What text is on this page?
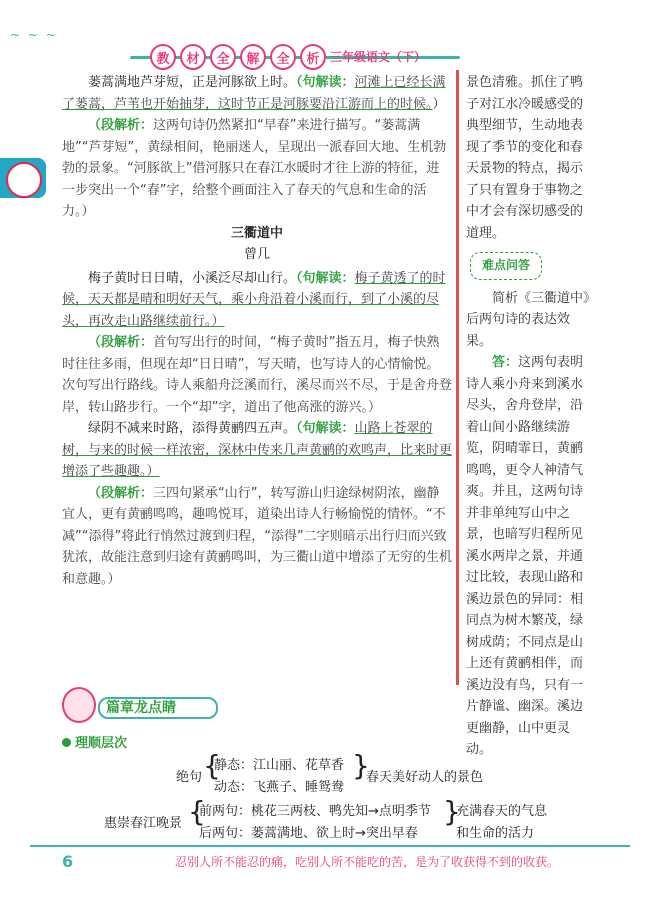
~ ~ ~
教	材	全	解	全	析 三年级语文（下）

蒌蒿满地芦芽短，正是河豚欲上时。（句解读：河滩上已经长满了蒌蒿，芦苇也开始抽芽，这时节正是河豚要沿江游而上的时候。）

（段解析：这两句诗仍然紧扣“早春”来进行描写。“蒌蒿满地”“芦芽短”，黄绿相间，艳丽迷人，呈现出一派春回大地、生机勃勃的景象。“河豚欲上”借河豚只在春江水暖时才往上游的特征，进一步突出一个“春”字，给整个画面注入了春天的气息和生命的活力。）

三衢道中

曾几

梅子黄时日日晴，小溪泛尽却山行。（句解读：梅子黄透了的时候，天天都是晴和明好天气，乘小舟沿着小溪而行，到了小溪的尽头，再改走山路继续前行。）

（段解析：首句写出行的时间，“梅子黄时”指五月，梅子快熟时往往多雨，但现在却“日日晴”，写天晴，也写诗人的心情愉悦。次句写出行路线。诗人乘船舟泛溪而行，溪尽而兴不尽，于是舍舟登岸，转山路步行。一个“却”字，道出了他高涨的游兴。）

绿阴不减来时路，添得黄鹂四五声。（句解读：山路上苍翠的树，与来的时候一样浓密，深林中传来几声黄鹂的欢鸣声，比来时更增添了些趣趣。）

（段解析：三四句紧承“山行”，转写游山归途绿树阴浓，幽静宜人，更有黄鹂鸣鸣，趣鸣悦耳，道染出诗人行畅愉悦的情怀。“不减”“添得”将此行悄然过渡到归程，“添得”二字则暗示出行归而兴致犹浓，故能注意到归途有黄鹂鸣叫，为三衢山道中增添了无穷的生机和意趣。）

景色清雅。抓住了鸭子对江水冷暖感受的典型细节，生动地表现了季节的变化和春天景物的特点，揭示了只有置身于事物之中才会有深切感受的道理。

难点问答

简析《三衢道中》后两句诗的表达效果。

答：这两句表明诗人乘小舟来到溪水尽头，舍舟登岸，沿着山间小路继续游览，阴晴霏日，黄鹂鸣鸣，更令人神清气爽。并且，这两句诗并非单纯写山中之景，也暗写归程所见溪水两岸之景，并通过比较，表现山路和溪边景色的异同：相同点为树木繁茂，绿树成荫；不同点是山上还有黄鹂相伴，而溪边没有鸟，只有一片静谧、幽深。溪边更幽静，山中更灵动。

篇章龙点睛
理顺层次
绝句 {
静态：江山丽、花草香
动态：飞燕子、睡鸳鸯
}
春天美好动人的景色
惠崇春江晚景 {
前两句：桃花三两枝、鸭先知→点明季节
后两句：蒌蒿满地、欲上时→突出早春
}
充满春天的气息
和生命的活力
6	忍别人所不能忍的痛，吃别人所不能吃的苦，是为了收获得不到的收获。
